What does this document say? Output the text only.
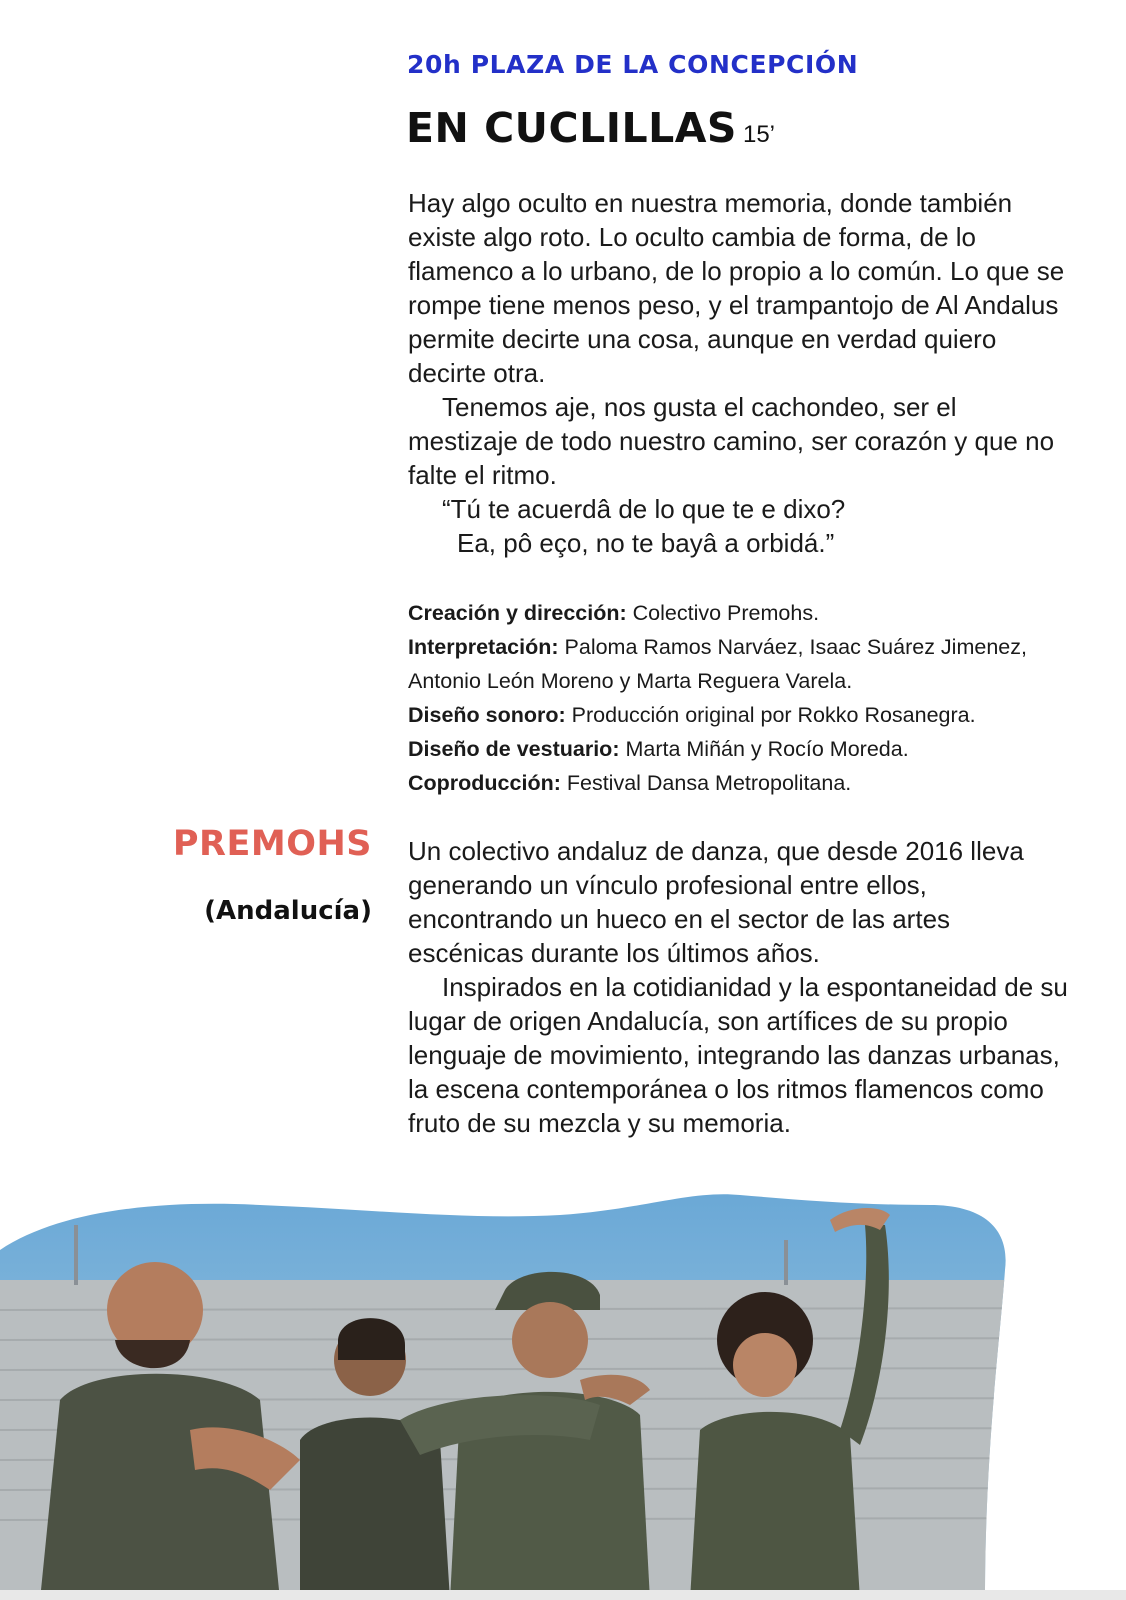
20h PLAZA DE LA CONCEPCIÓN
EN CUCLILLAS 15’

Hay algo oculto en nuestra memoria, donde también existe algo roto. Lo oculto cambia de forma, de lo flamenco a lo urbano, de lo propio a lo común. Lo que se rompe tiene menos peso, y el trampantojo de Al Andalus permite decirte una cosa, aunque en verdad quiero decirte otra.

Tenemos aje, nos gusta el cachondeo, ser el mestizaje de todo nuestro camino, ser corazón y que no falte el ritmo.

“Tú te acuerdâ de lo que te e dixo?

Ea, pô eço, no te bayâ a orbidá.”

Creación y dirección: Colectivo Premohs.
Interpretación: Paloma Ramos Narváez, Isaac Suárez Jimenez, Antonio León Moreno y Marta Reguera Varela.
Diseño sonoro: Producción original por Rokko Rosanegra.
Diseño de vestuario: Marta Miñán y Rocío Moreda.
Coproducción: Festival Dansa Metropolitana.
PREMOHS
(Andalucía)

Un colectivo andaluz de danza, que desde 2016 lleva generando un vínculo profesional entre ellos, encontrando un hueco en el sector de las artes escénicas durante los últimos años.

Inspirados en la cotidianidad y la espontaneidad de su lugar de origen Andalucía, son artífices de su propio lenguaje de movimiento, integrando las danzas urbanas, la escena contemporánea o los ritmos flamencos como fruto de su mezcla y su memoria.
